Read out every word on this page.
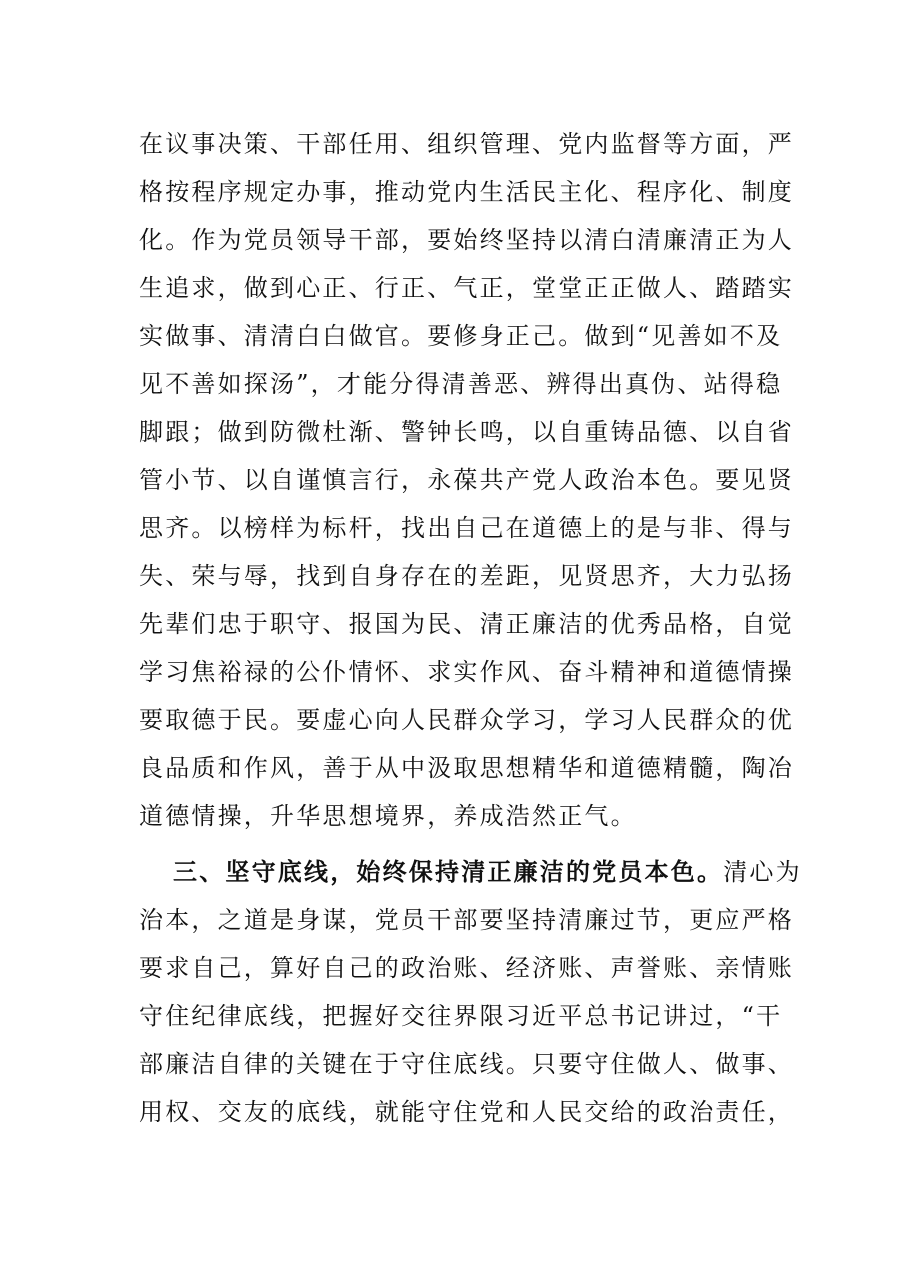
在议事决策、干部任用、组织管理、党内监督等方面，严
格按程序规定办事，推动党内生活民主化、程序化、制度
化。作为党员领导干部，要始终坚持以清白清廉清正为人
生追求，做到心正、行正、气正，堂堂正正做人、踏踏实
实做事、清清白白做官。要修身正己。做到“见善如不及
见不善如探汤”，才能分得清善恶、辨得出真伪、站得稳
脚跟；做到防微杜渐、警钟长鸣，以自重铸品德、以自省
管小节、以自谨慎言行，永葆共产党人政治本色。要见贤
思齐。以榜样为标杆，找出自己在道德上的是与非、得与
失、荣与辱，找到自身存在的差距，见贤思齐，大力弘扬
先辈们忠于职守、报国为民、清正廉洁的优秀品格，自觉
学习焦裕禄的公仆情怀、求实作风、奋斗精神和道德情操
要取德于民。要虚心向人民群众学习，学习人民群众的优
良品质和作风，善于从中汲取思想精华和道德精髓，陶冶
道德情操，升华思想境界，养成浩然正气。
三、坚守底线，始终保持清正廉洁的党员本色。清心为
治本，之道是身谋，党员干部要坚持清廉过节，更应严格
要求自己，算好自己的政治账、经济账、声誉账、亲情账
守住纪律底线，把握好交往界限习近平总书记讲过，“干
部廉洁自律的关键在于守住底线。只要守住做人、做事、
用权、交友的底线，就能守住党和人民交给的政治责任，
